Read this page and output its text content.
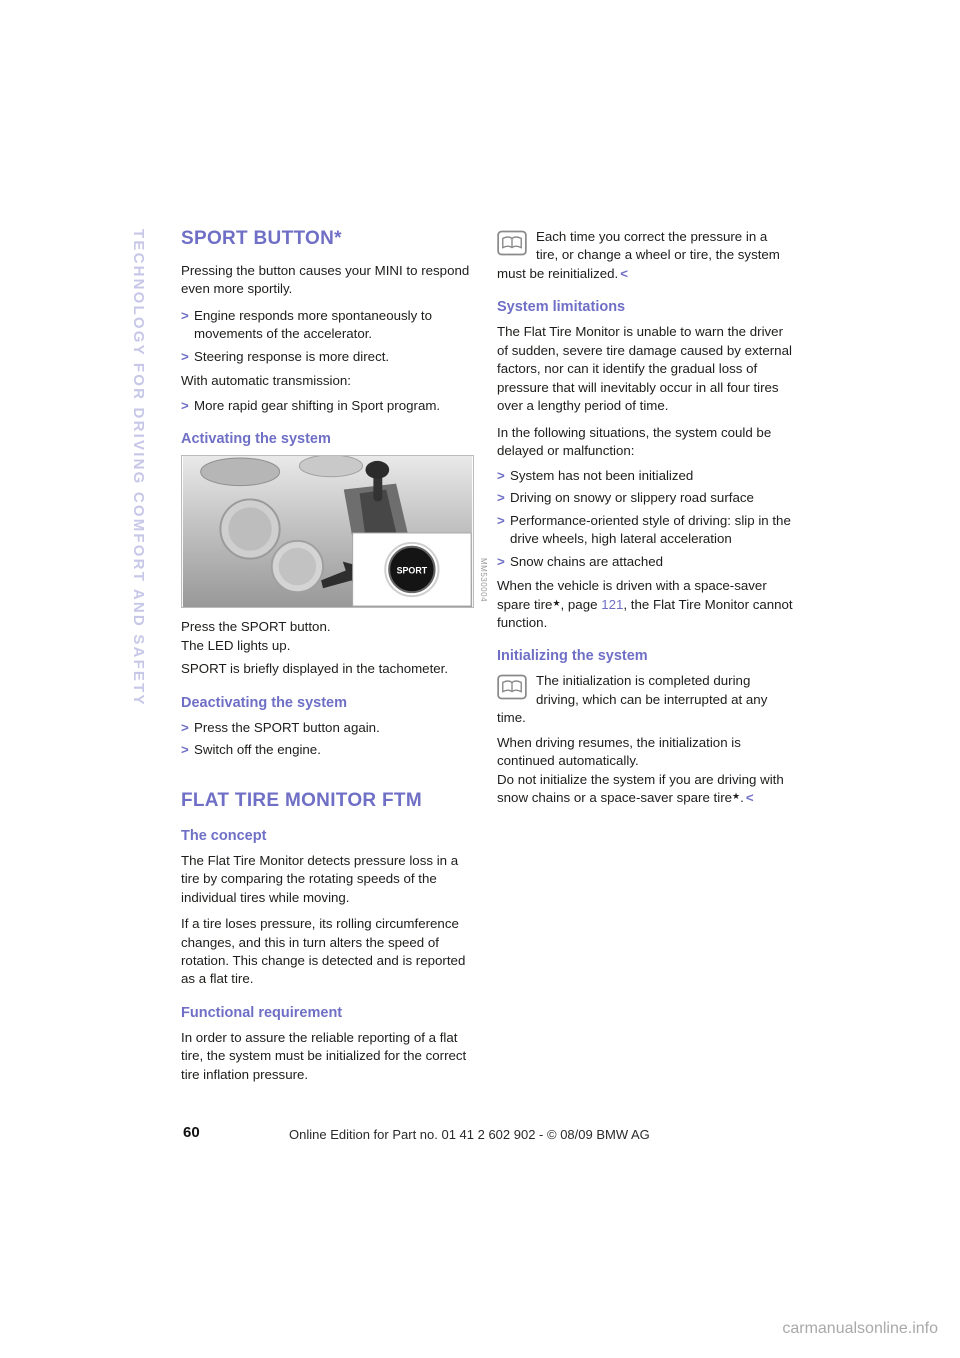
TECHNOLOGY FOR DRIVING COMFORT AND SAFETY SPORT BUTTON*

Pressing the button causes your MINI to respond even more sportily.

> Engine responds more spontaneously to movements of the accelerator.
> Steering response is more direct.

With automatic transmission:

> More rapid gear shifting in Sport program.
Activating the system
SPORT	MM530004

Press the SPORT button.

The LED lights up.

SPORT is briefly displayed in the tachometer.

Deactivating the system
> Press the SPORT button again.
> Switch off the engine.
FLAT TIRE MONITOR FTM
The concept

The Flat Tire Monitor detects pressure loss in a tire by comparing the rotating speeds of the individual tires while moving.

If a tire loses pressure, its rolling circumference changes, and this in turn alters the speed of rotation. This change is detected and is reported as a flat tire.

Functional requirement

In order to assure the reliable reporting of a flat tire, the system must be initialized for the correct tire inflation pressure.

Each time you correct the pressure in a tire, or change a wheel or tire, the system must be reinitialized. <
System limitations

The Flat Tire Monitor is unable to warn the driver of sudden, severe tire damage caused by external factors, nor can it identify the gradual loss of pressure that will inevitably occur in all four tires over a lengthy period of time.

In the following situations, the system could be delayed or malfunction:

> System has not been initialized
> Driving on snowy or slippery road surface
> Performance-oriented style of driving: slip in the drive wheels, high lateral acceleration
> Snow chains are attached

When the vehicle is driven with a space-saver spare tire★, page 121, the Flat Tire Monitor cannot function.

Initializing the system
The initialization is completed during driving, which can be interrupted at any time.

When driving resumes, the initialization is continued automatically.

Do not initialize the system if you are driving with snow chains or a space-saver spare tire★. <

60	Online Edition for Part no. 01 41 2 602 902 - © 08/09 BMW AG
carmanualsonline.info
